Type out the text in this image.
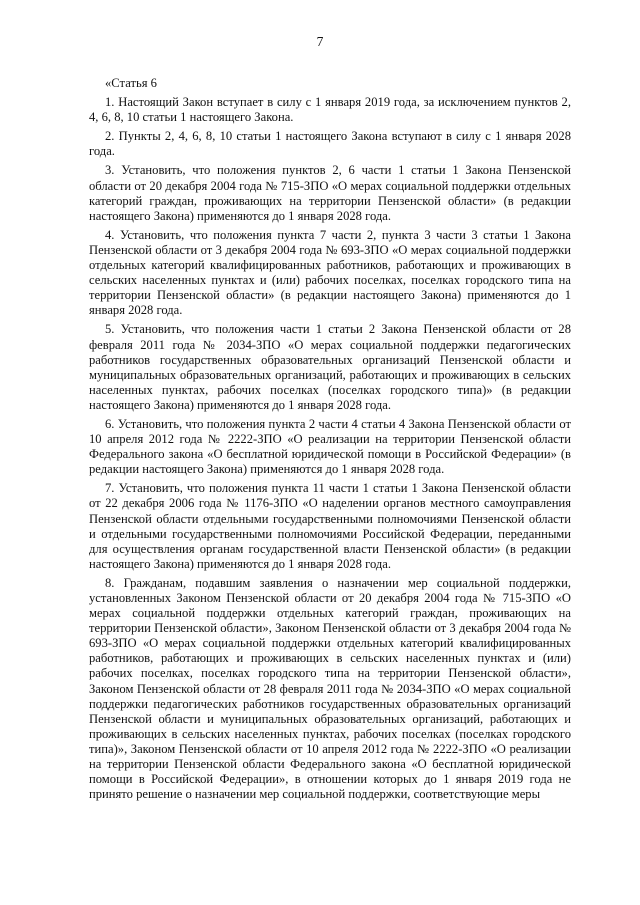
7

«Статья 6

1. Настоящий Закон вступает в силу с 1 января 2019 года, за исключением пунктов 2, 4, 6, 8, 10 статьи 1 настоящего Закона.

2. Пункты 2, 4, 6, 8, 10 статьи 1 настоящего Закона вступают в силу с 1 января 2028 года.

3. Установить, что положения пунктов 2, 6 части 1 статьи 1 Закона Пензенской области от 20 декабря 2004 года № 715-ЗПО «О мерах социальной поддержки отдельных категорий граждан, проживающих на территории Пензенской области» (в редакции настоящего Закона) применяются до 1 января 2028 года.

4. Установить, что положения пункта 7 части 2, пункта 3 части 3 статьи 1 Закона Пензенской области от 3 декабря 2004 года № 693-ЗПО «О мерах социальной поддержки отдельных категорий квалифицированных работников, работающих и проживающих в сельских населенных пунктах и (или) рабочих поселках, поселках городского типа на территории Пензенской области» (в редакции настоящего Закона) применяются до 1 января 2028 года.

5. Установить, что положения части 1 статьи 2 Закона Пензенской области от 28 февраля 2011 года № 2034-ЗПО «О мерах социальной поддержки педагогических работников государственных образовательных организаций Пензенской области и муниципальных образовательных организаций, работающих и проживающих в сельских населенных пунктах, рабочих поселках (поселках городского типа)» (в редакции настоящего Закона) применяются до 1 января 2028 года.

6. Установить, что положения пункта 2 части 4 статьи 4 Закона Пензенской области от 10 апреля 2012 года № 2222-ЗПО «О реализации на территории Пензенской области Федерального закона «О бесплатной юридической помощи в Российской Федерации» (в редакции настоящего Закона) применяются до 1 января 2028 года.

7. Установить, что положения пункта 11 части 1 статьи 1 Закона Пензенской области от 22 декабря 2006 года № 1176-ЗПО «О наделении органов местного самоуправления Пензенской области отдельными государственными полномочиями Пензенской области и отдельными государственными полномочиями Российской Федерации, переданными для осуществления органам государственной власти Пензенской области» (в редакции настоящего Закона) применяются до 1 января 2028 года.

8. Гражданам, подавшим заявления о назначении мер социальной поддержки, установленных Законом Пензенской области от 20 декабря 2004 года № 715-ЗПО «О мерах социальной поддержки отдельных категорий граждан, проживающих на территории Пензенской области», Законом Пензенской области от 3 декабря 2004 года № 693-ЗПО «О мерах социальной поддержки отдельных категорий квалифицированных работников, работающих и проживающих в сельских населенных пунктах и (или) рабочих поселках, поселках городского типа на территории Пензенской области», Законом Пензенской области от 28 февраля 2011 года № 2034-ЗПО «О мерах социальной поддержки педагогических работников государственных образовательных организаций Пензенской области и муниципальных образовательных организаций, работающих и проживающих в сельских населенных пунктах, рабочих поселках (поселках городского типа)», Законом Пензенской области от 10 апреля 2012 года № 2222-ЗПО «О реализации на территории Пензенской области Федерального закона «О бесплатной юридической помощи в Российской Федерации», в отношении которых до 1 января 2019 года не принято решение о назначении мер социальной поддержки, соответствующие меры
